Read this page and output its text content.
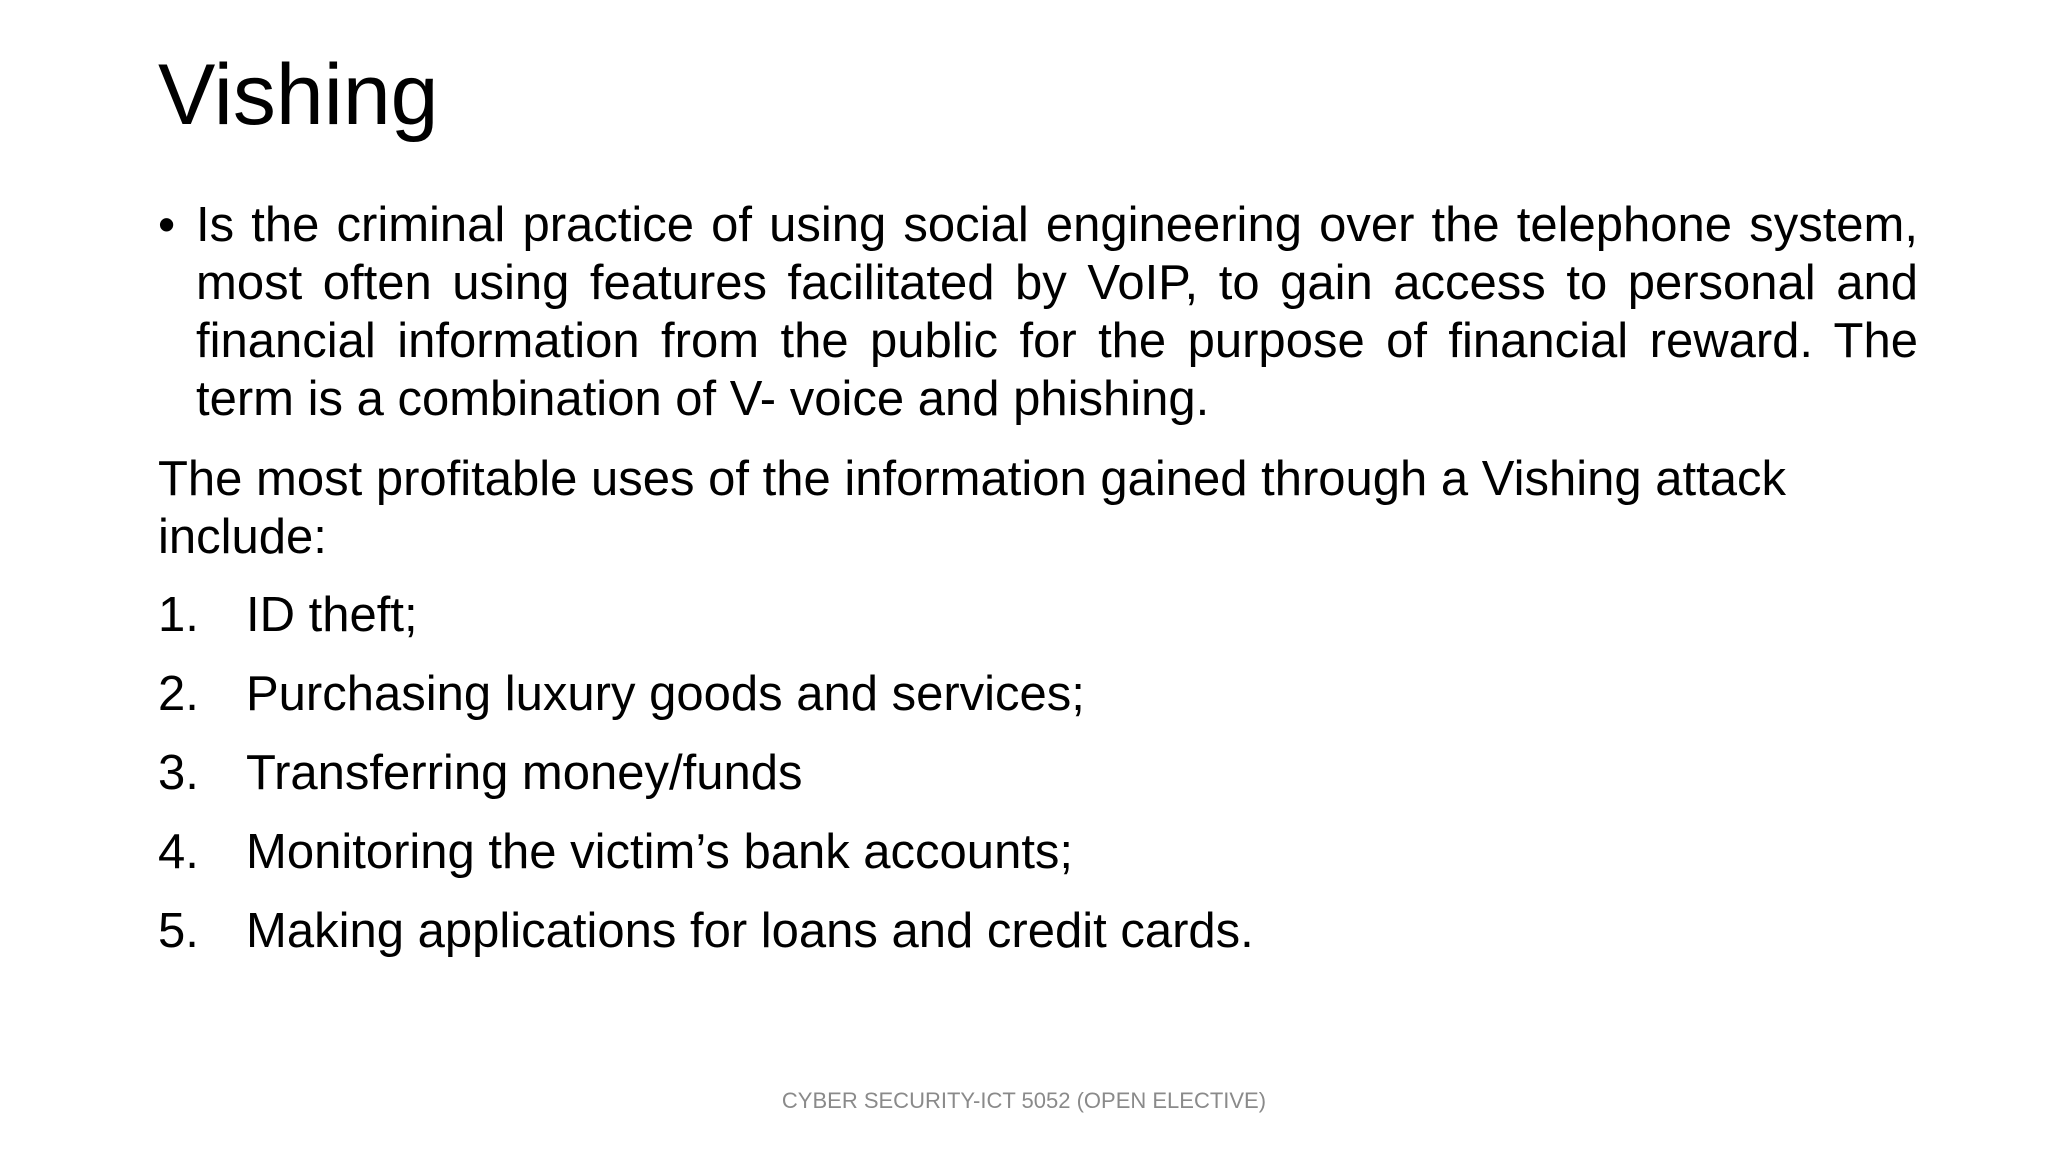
Vishing
• Is the criminal practice of using social engineering over the telephone system, most often using features facilitated by VoIP, to gain access to personal and financial information from the public for the purpose of financial reward. The term is a combination of V- voice and phishing.
The most profitable uses of the information gained through a Vishing attack include:
1. ID theft;
2. Purchasing luxury goods and services;
3. Transferring money/funds
4. Monitoring the victim’s bank accounts;
5. Making applications for loans and credit cards.
CYBER SECURITY-ICT 5052 (OPEN ELECTIVE)
